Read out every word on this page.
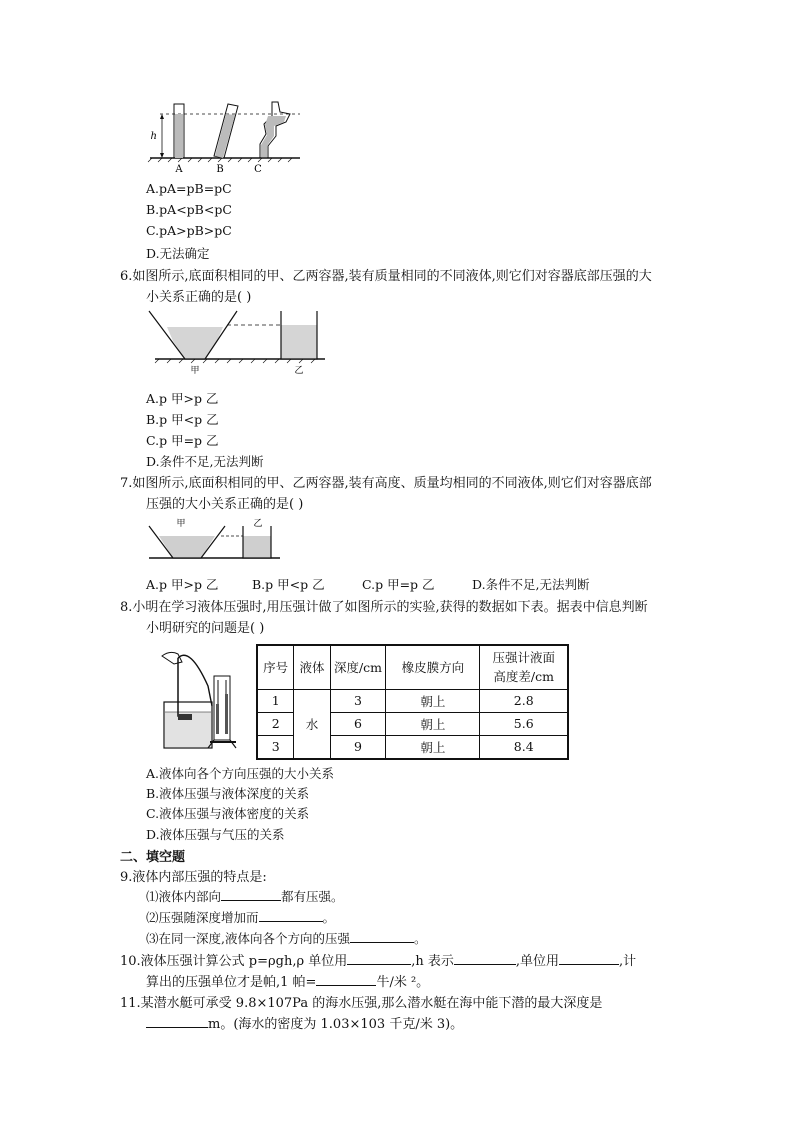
h
A	B	C
A.pA=pB=pC
B.pA<pB<pC
C.pA>pB>pC
D.无法确定
6.如图所示,底面积相同的甲、乙两容器,装有质量相同的不同液体,则它们对容器底部压强的大
小关系正确的是( )
甲	乙
A.p 甲>p 乙
B.p 甲<p 乙
C.p 甲=p 乙
D.条件不足,无法判断
7.如图所示,底面积相同的甲、乙两容器,装有高度、质量均相同的不同液体,则它们对容器底部
压强的大小关系正确的是( )
甲	乙
A.p 甲>p 乙	B.p 甲<p 乙	C.p 甲=p 乙	D.条件不足,无法判断
8.小明在学习液体压强时,用压强计做了如图所示的实验,获得的数据如下表。据表中信息判断
小明研究的问题是( )
序号	液体	深度/cm	橡皮膜方向	压强计液面
高度差/cm
1	水	3	朝上	2.8
2		6	朝上	5.6
3		9	朝上	8.4
A.液体向各个方向压强的大小关系
B.液体压强与液体深度的关系
C.液体压强与液体密度的关系
D.液体压强与气压的关系
二、填空题
9.液体内部压强的特点是:
⑴液体内部向	都有压强。
⑵压强随深度增加而	。
⑶在同一深度,液体向各个方向的压强	。
10.液体压强计算公式 p=ρgh,ρ 单位用	,h 表示	,单位用	,计
算出的压强单位才是帕,1 帕=	牛/米 ²。
11.某潜水艇可承受 9.8×107Pa 的海水压强,那么潜水艇在海中能下潜的最大深度是
m。(海水的密度为 1.03×103 千克/米 3)。
